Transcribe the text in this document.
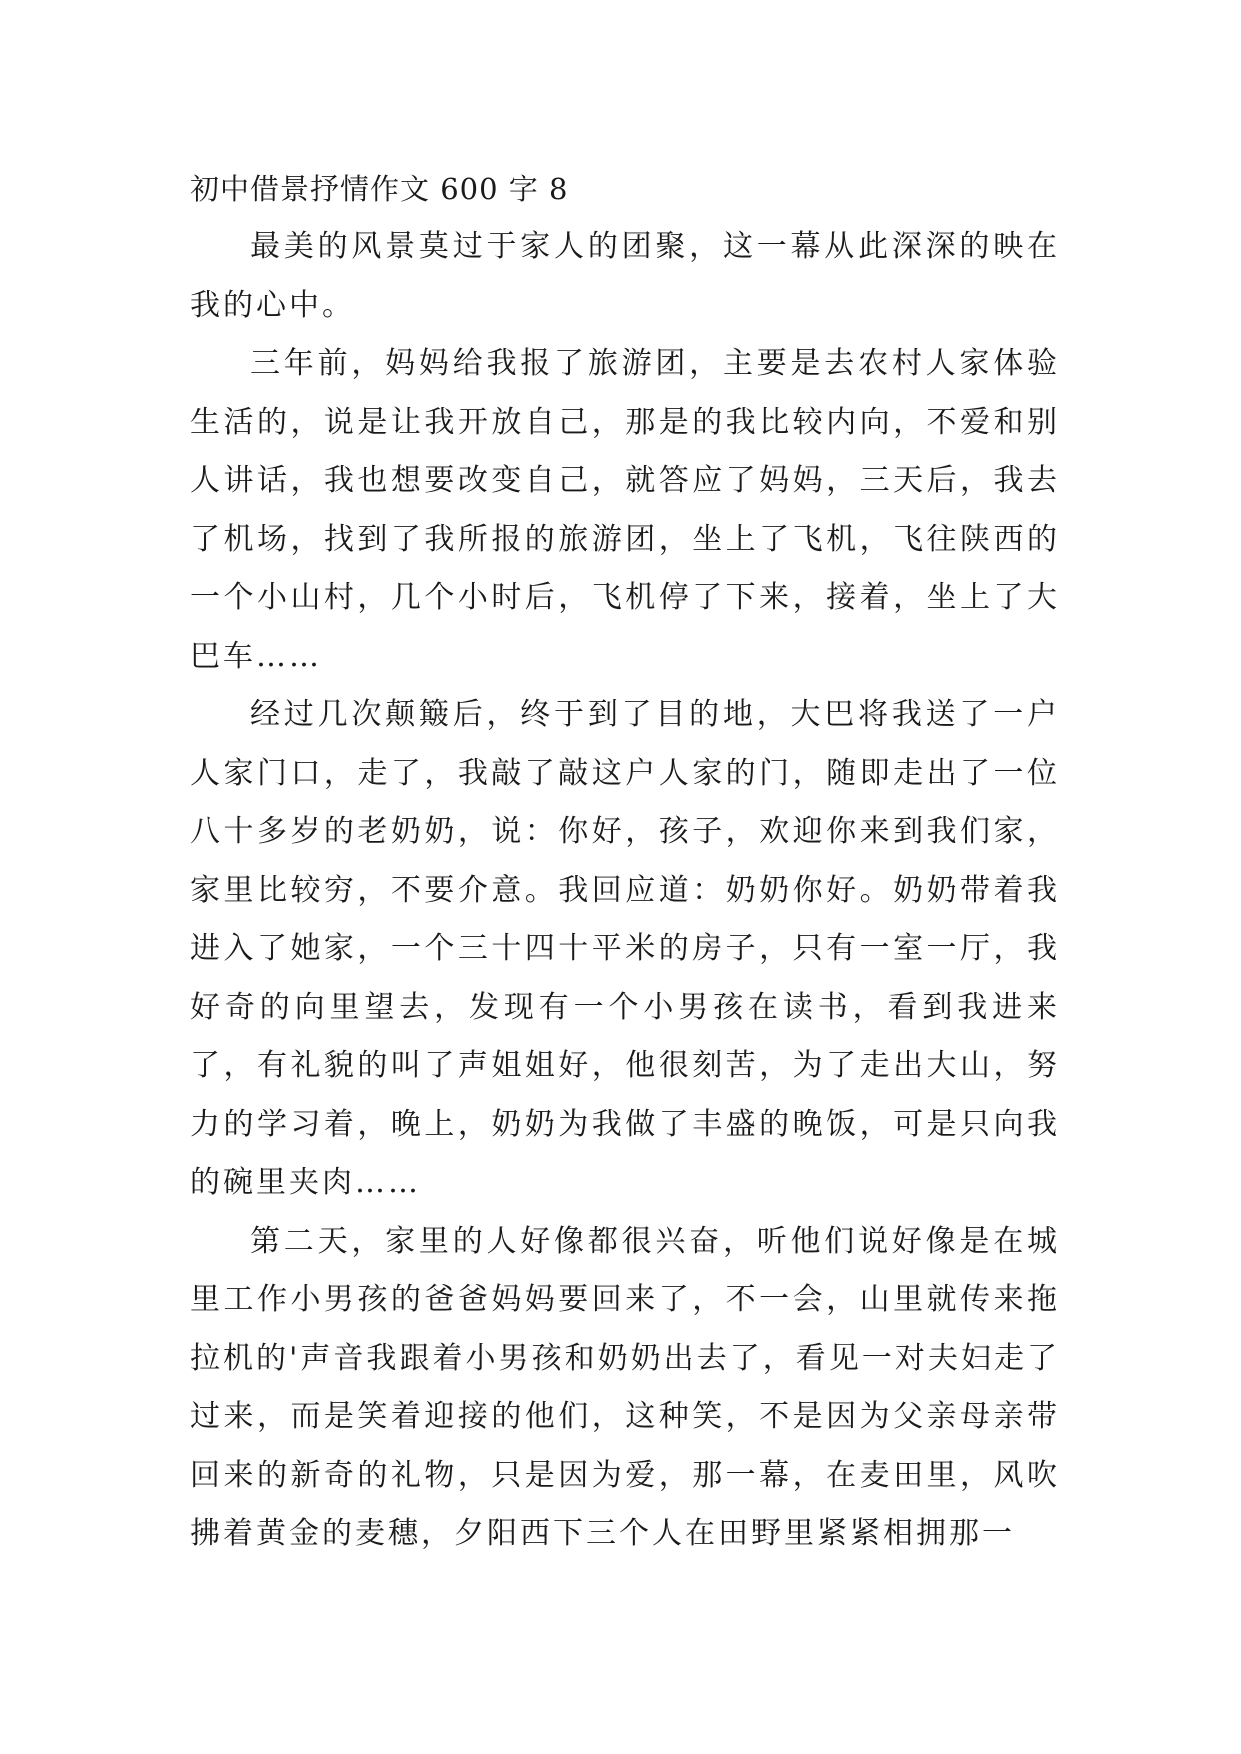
初中借景抒情作文 600 字 8

最美的风景莫过于家人的团聚，这一幕从此深深的映在我的心中。

三年前，妈妈给我报了旅游团，主要是去农村人家体验生活的，说是让我开放自己，那是的我比较内向，不爱和别人讲话，我也想要改变自己，就答应了妈妈，三天后，我去了机场，找到了我所报的旅游团，坐上了飞机，飞往陕西的一个小山村，几个小时后，飞机停了下来，接着，坐上了大巴车……

经过几次颠簸后，终于到了目的地，大巴将我送了一户人家门口，走了，我敲了敲这户人家的门，随即走出了一位八十多岁的老奶奶，说：你好，孩子，欢迎你来到我们家，家里比较穷，不要介意。我回应道：奶奶你好。奶奶带着我进入了她家，一个三十四十平米的房子，只有一室一厅，我好奇的向里望去，发现有一个小男孩在读书，看到我进来了，有礼貌的叫了声姐姐好，他很刻苦，为了走出大山，努力的学习着，晚上，奶奶为我做了丰盛的晚饭，可是只向我的碗里夹肉……

第二天，家里的人好像都很兴奋，听他们说好像是在城里工作小男孩的爸爸妈妈要回来了，不一会，山里就传来拖拉机的'声音我跟着小男孩和奶奶出去了，看见一对夫妇走了过来，而是笑着迎接的他们，这种笑，不是因为父亲母亲带回来的新奇的礼物，只是因为爱，那一幕，在麦田里，风吹拂着黄金的麦穗，夕阳西下三个人在田野里紧紧相拥那一
